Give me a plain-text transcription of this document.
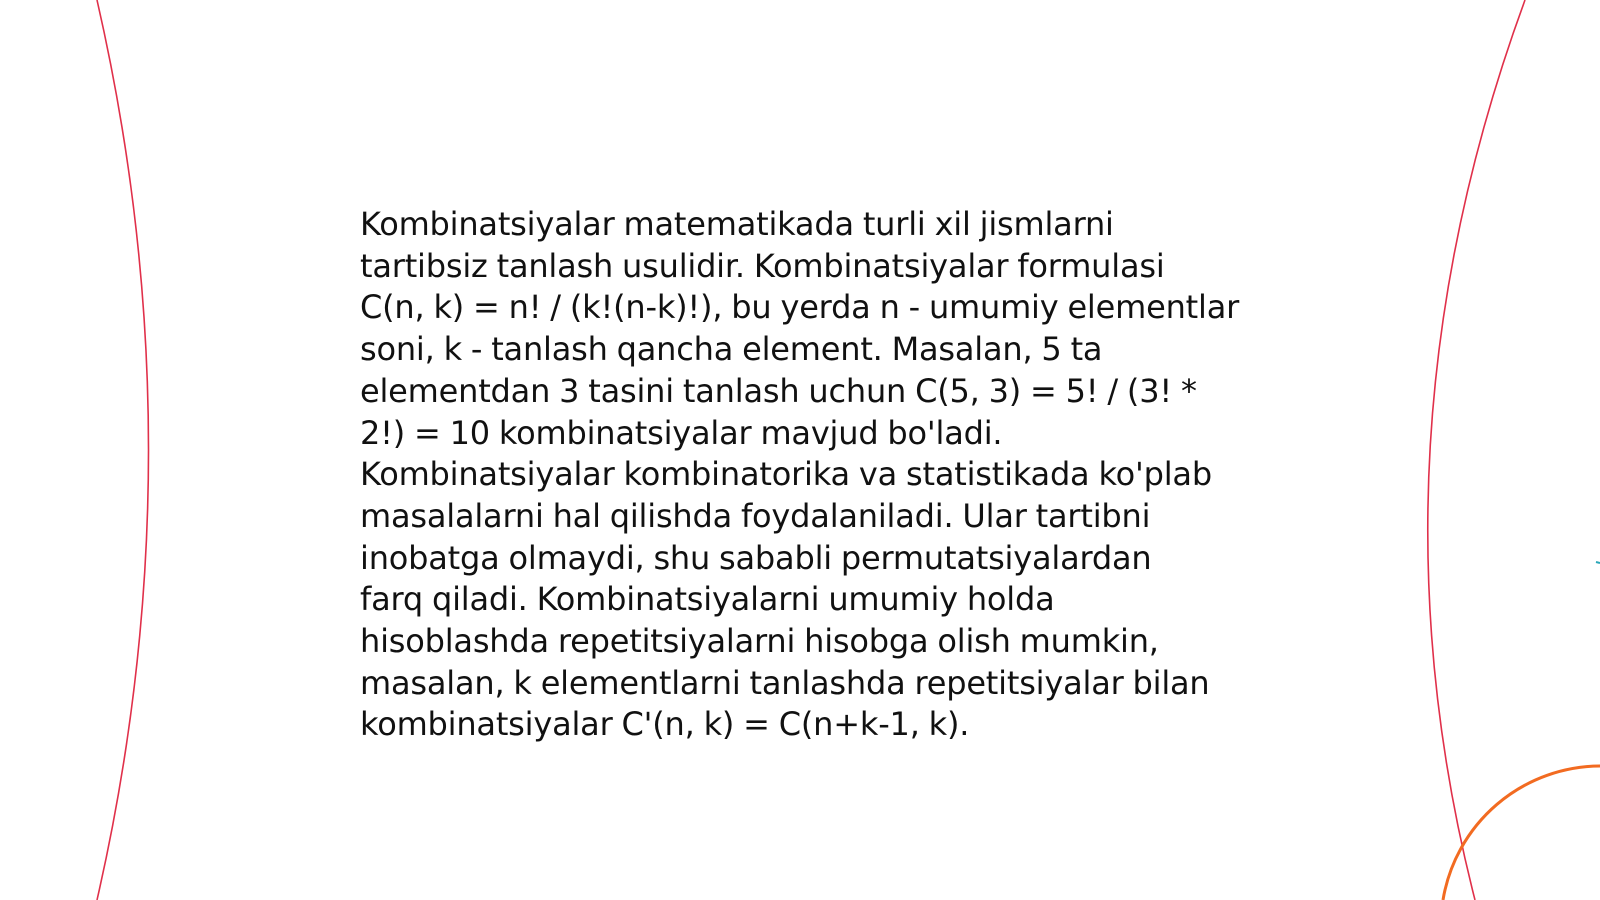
Kombinatsiyalar matematikada turli xil jismlarni
tartibsiz tanlash usulidir. Kombinatsiyalar formulasi
C(n, k) = n! / (k!(n-k)!), bu yerda n - umumiy elementlar
soni, k - tanlash qancha element. Masalan, 5 ta
elementdan 3 tasini tanlash uchun C(5, 3) = 5! / (3! *
2!) = 10 kombinatsiyalar mavjud bo'ladi.
Kombinatsiyalar kombinatorika va statistikada ko'plab
masalalarni hal qilishda foydalaniladi. Ular tartibni
inobatga olmaydi, shu sababli permutatsiyalardan
farq qiladi. Kombinatsiyalarni umumiy holda
hisoblashda repetitsiyalarni hisobga olish mumkin,
masalan, k elementlarni tanlashda repetitsiyalar bilan
kombinatsiyalar C'(n, k) = C(n+k-1, k).
